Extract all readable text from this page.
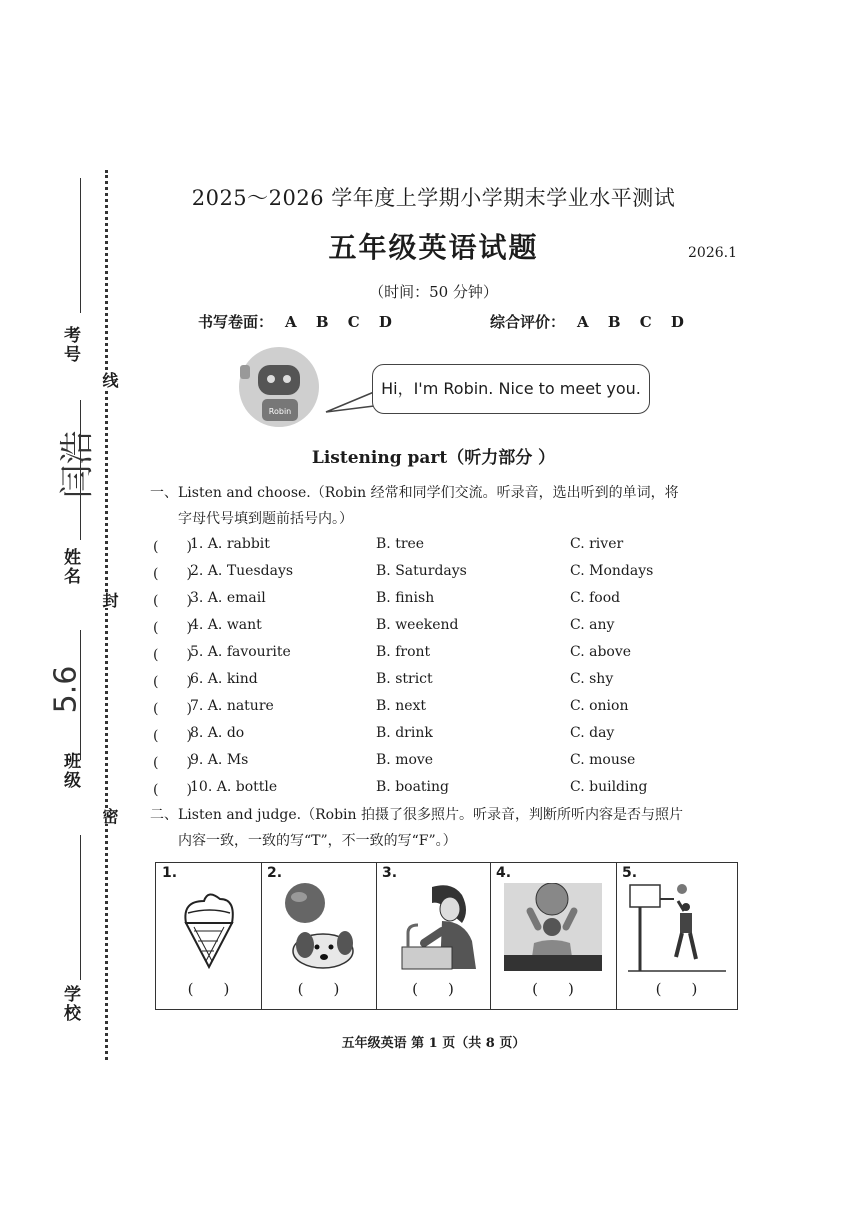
考号
闫浩
姓名
5.6
班级
学校
线
封
密
2025～2026 学年度上学期小学期末学业水平测试
五年级英语试题	2026.1
（时间：50 分钟）
书写卷面： A B C D	综合评价： A B C D
Robin
Hi，I'm Robin. Nice to meet you.
Listening part（听力部分 ）
一、Listen and choose.（Robin 经常和同学们交流。听录音，选出听到的单词，将
字母代号填到题前括号内。）
(　　)
1. A. rabbit	B. tree	C. river
(　　)
2. A. Tuesdays	B. Saturdays	C. Mondays
(　　)
3. A. email	B. finish	C. food
(　　)
4. A. want	B. weekend	C. any
(　　)
5. A. favourite	B. front	C. above
(　　)
6. A. kind	B. strict	C. shy
(　　)
7. A. nature	B. next	C. onion
(　　)
8. A. do	B. drink	C. day
(　　)
9. A. Ms	B. move	C. mouse
(　　)
10. A. bottle	B. boating	C. building
二、Listen and judge.（Robin 拍摄了很多照片。听录音，判断所听内容是否与照片
内容一致，一致的写“T”，不一致的写“F”。）
1.
(　　)
2.
(　　)
3.
(　　)
4.
(　　)
5.
(　　)
五年级英语 第 1 页（共 8 页）
